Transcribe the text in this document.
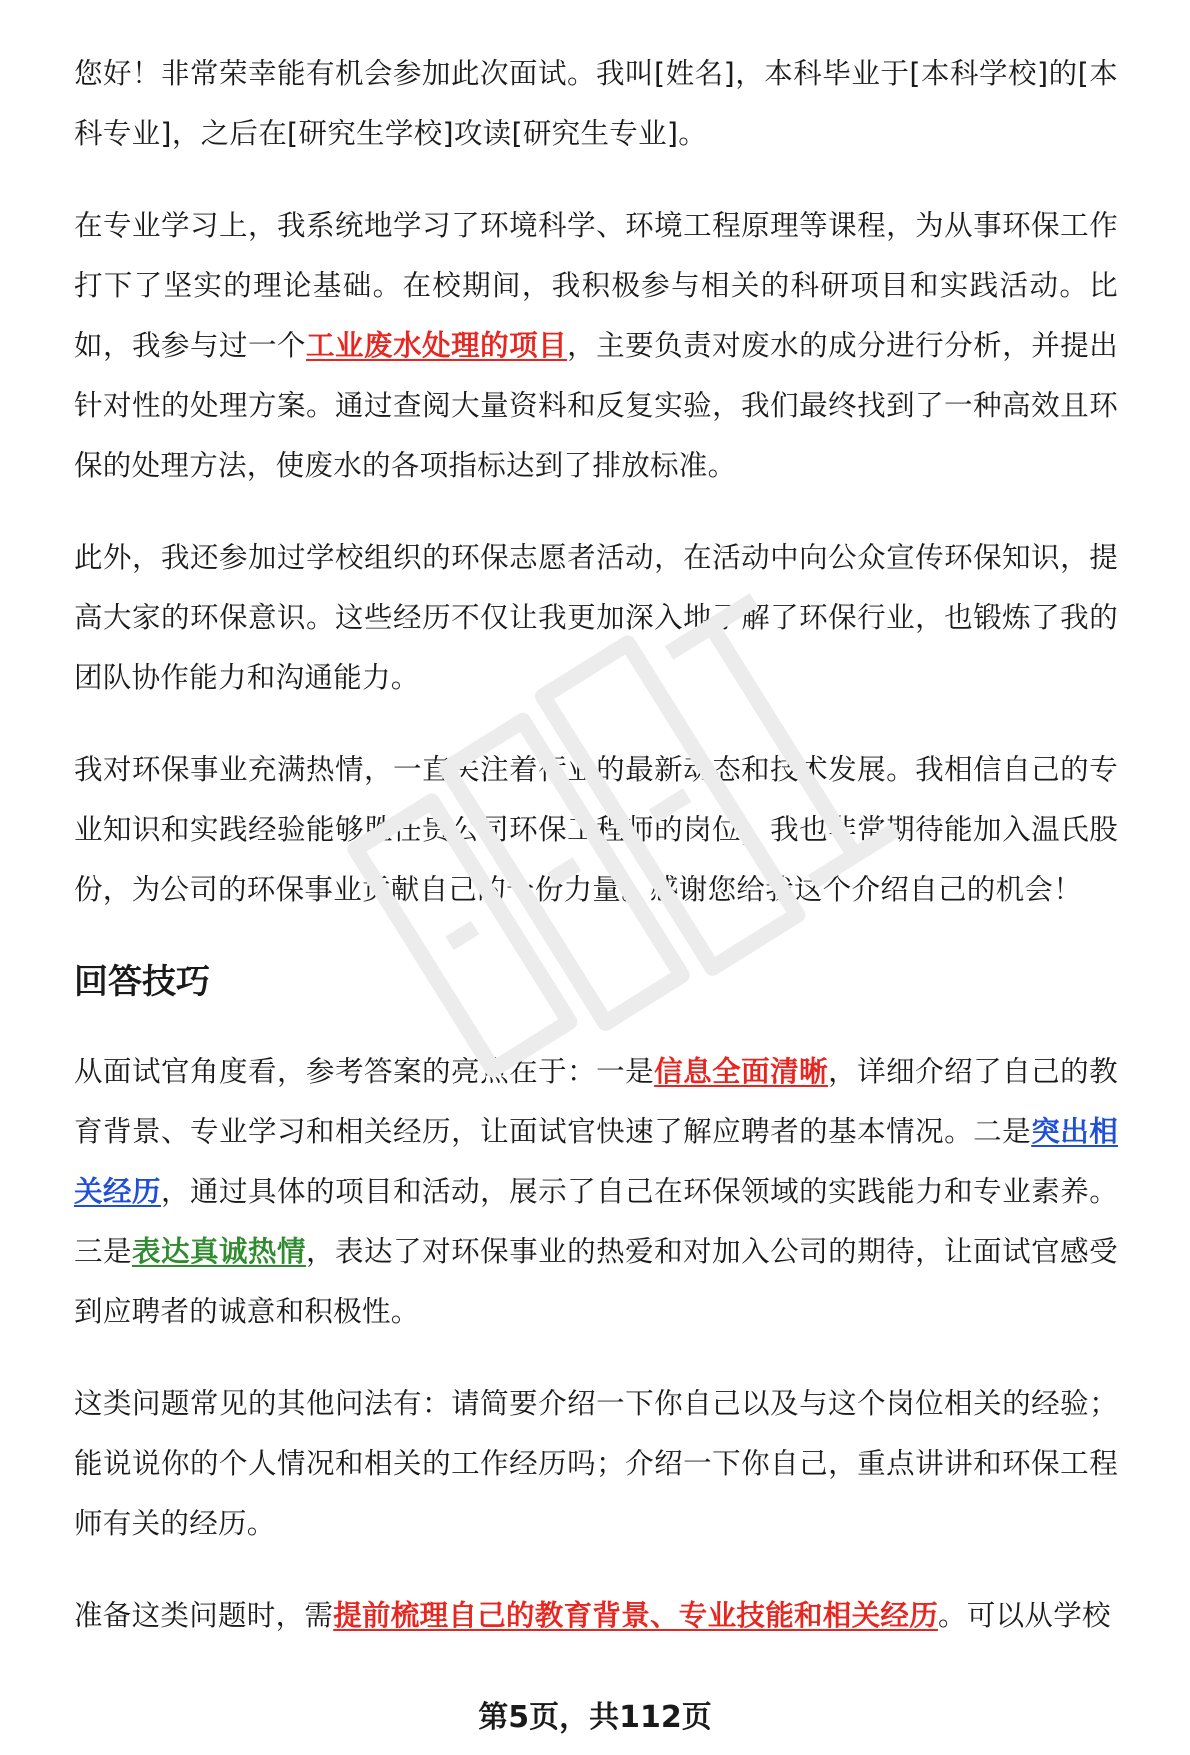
您好！非常荣幸能有机会参加此次面试。我叫[姓名]，本科毕业于[本科学校]的[本科专业]，之后在[研究生学校]攻读[研究生专业]。

在专业学习上，我系统地学习了环境科学、环境工程原理等课程，为从事环保工作打下了坚实的理论基础。在校期间，我积极参与相关的科研项目和实践活动。比如，我参与过一个工业废水处理的项目，主要负责对废水的成分进行分析，并提出针对性的处理方案。通过查阅大量资料和反复实验，我们最终找到了一种高效且环保的处理方法，使废水的各项指标达到了排放标准。

此外，我还参加过学校组织的环保志愿者活动，在活动中向公众宣传环保知识，提高大家的环保意识。这些经历不仅让我更加深入地了解了环保行业，也锻炼了我的团队协作能力和沟通能力。

我对环保事业充满热情，一直关注着行业的最新动态和技术发展。我相信自己的专业知识和实践经验能够胜任贵公司环保工程师的岗位，我也非常期待能加入温氏股份，为公司的环保事业贡献自己的一份力量。感谢您给我这个介绍自己的机会！

回答技巧

从面试官角度看，参考答案的亮点在于：一是信息全面清晰，详细介绍了自己的教育背景、专业学习和相关经历，让面试官快速了解应聘者的基本情况。二是突出相关经历，通过具体的项目和活动，展示了自己在环保领域的实践能力和专业素养。三是表达真诚热情，表达了对环保事业的热爱和对加入公司的期待，让面试官感受到应聘者的诚意和积极性。

这类问题常见的其他问法有：请简要介绍一下你自己以及与这个岗位相关的经验；能说说你的个人情况和相关的工作经历吗；介绍一下你自己，重点讲讲和环保工程师有关的经历。

准备这类问题时，需提前梳理自己的教育背景、专业技能和相关经历。可以从学校

第5页，共112页
